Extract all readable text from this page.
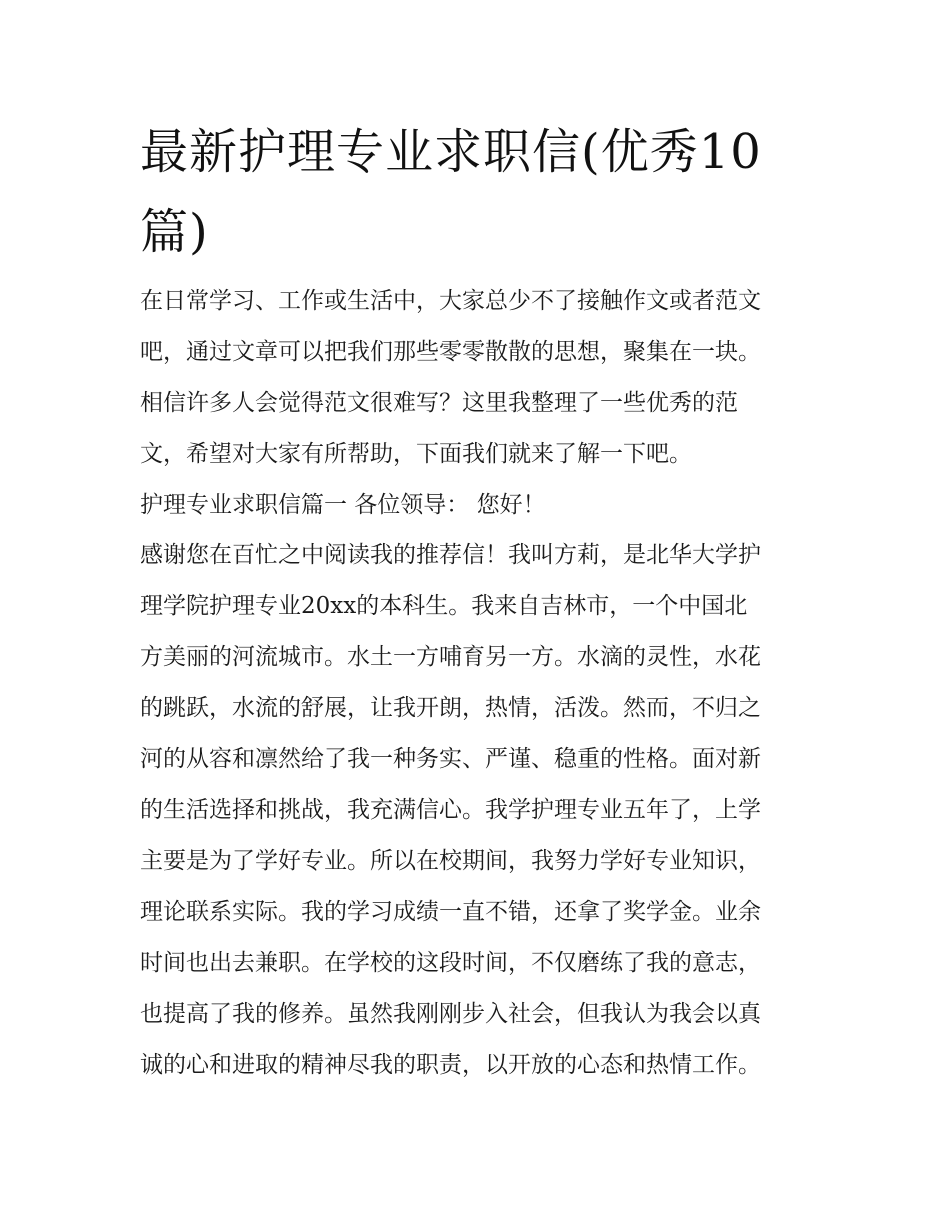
最新护理专业求职信(优秀10篇)

在日常学习、工作或生活中，大家总少不了接触作文或者范文
吧，通过文章可以把我们那些零零散散的思想，聚集在一块。
相信许多人会觉得范文很难写？这里我整理了一些优秀的范
文，希望对大家有所帮助，下面我们就来了解一下吧。

护理专业求职信篇一 各位领导： 您好！

感谢您在百忙之中阅读我的推荐信！我叫方莉，是北华大学护
理学院护理专业20xx的本科生。我来自吉林市，一个中国北
方美丽的河流城市。水土一方哺育另一方。水滴的灵性，水花
的跳跃，水流的舒展，让我开朗，热情，活泼。然而，不归之
河的从容和凛然给了我一种务实、严谨、稳重的性格。面对新
的生活选择和挑战，我充满信心。我学护理专业五年了，上学
主要是为了学好专业。所以在校期间，我努力学好专业知识，
理论联系实际。我的学习成绩一直不错，还拿了奖学金。业余
时间也出去兼职。在学校的这段时间，不仅磨练了我的意志，
也提高了我的修养。虽然我刚刚步入社会，但我认为我会以真
诚的心和进取的精神尽我的职责，以开放的心态和热情工作。
